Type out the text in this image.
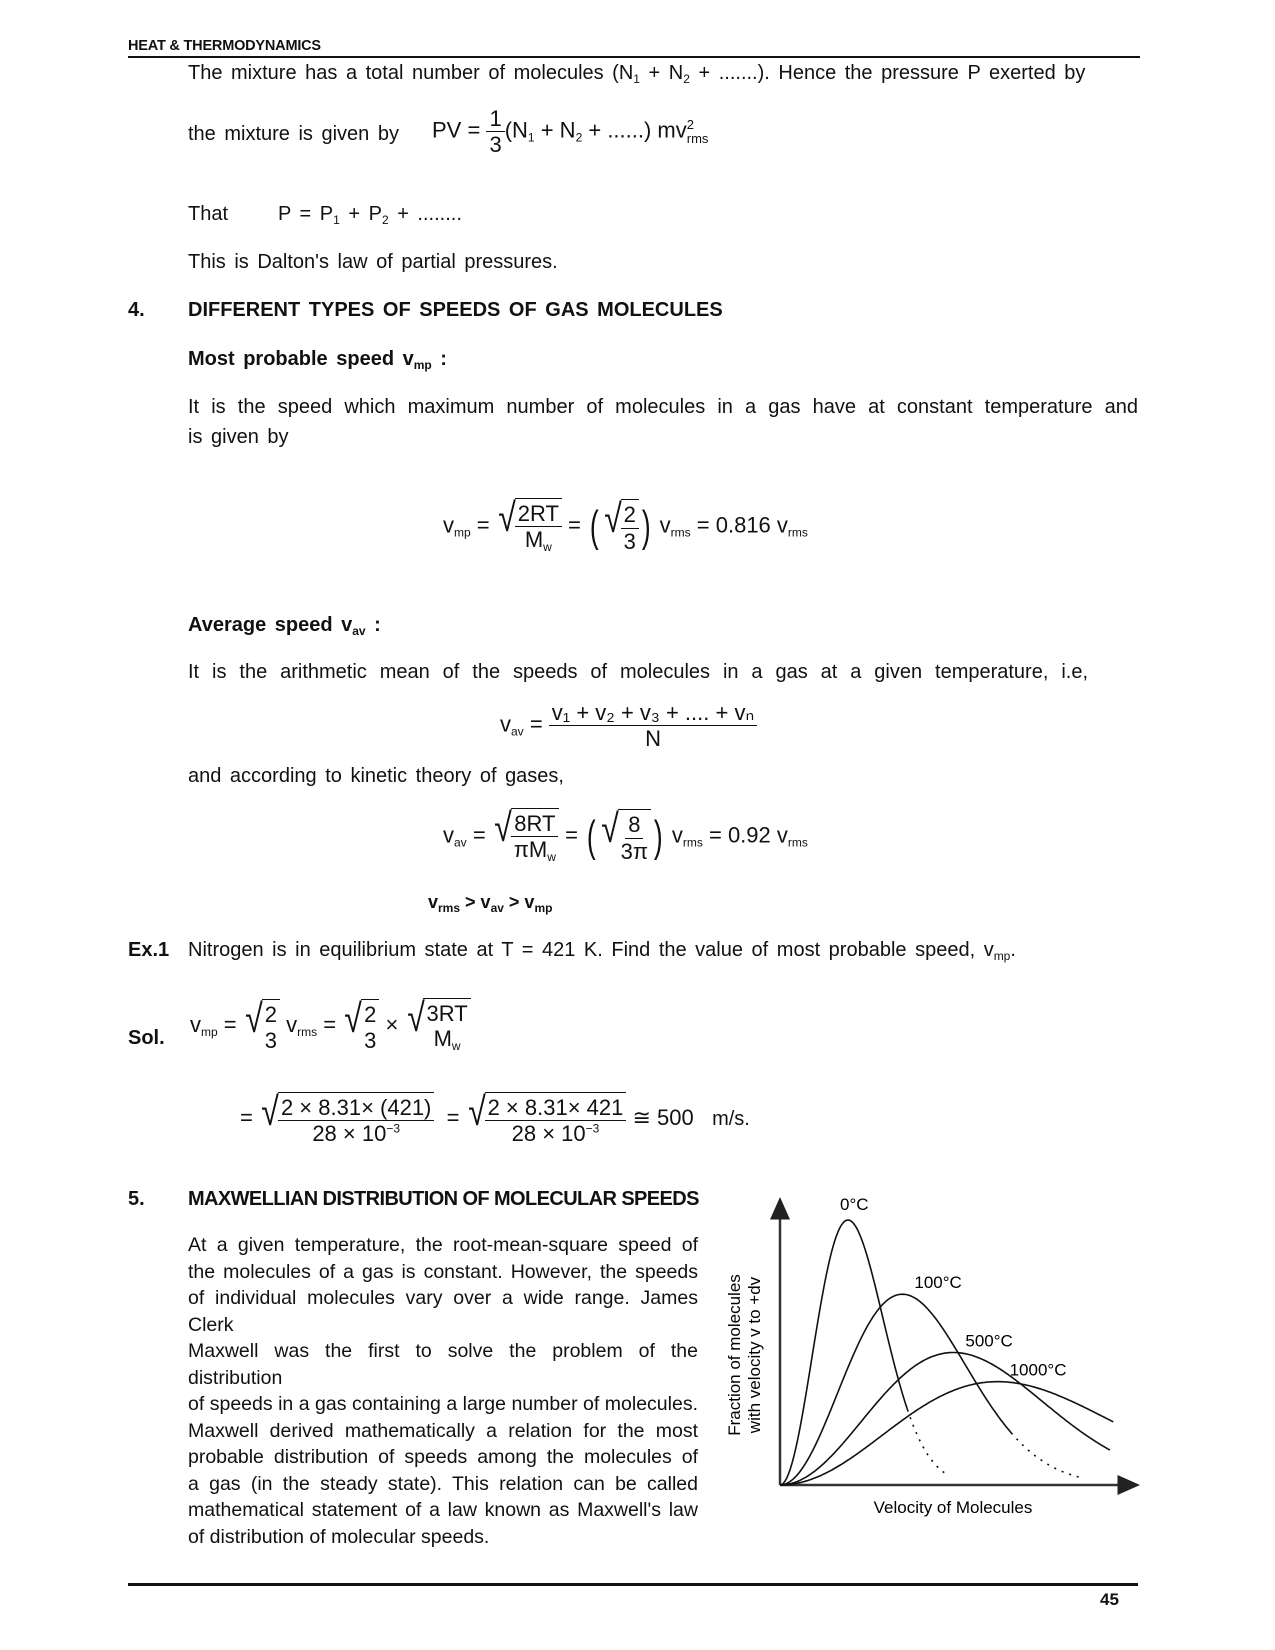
HEAT & THERMODYNAMICS
The mixture has a total number of molecules ($N_1 + N_2$ + .......). Hence the pressure P exerted by
the mixture is given by PV = $\frac{1}{3} (N_1 + N_2$ + ......) mv 2
rms
That $P = P_1 + P_2$ + ........
This is Dalton's law of partial pressures.
4. DIFFERENT TYPES OF SPEEDS OF GAS MOLECULES
Most probable speed $v_{mp}$ :
It is the speed which maximum number of molecules in a gas have at constant temperature and
is given by
$v_{mp}$ = √ $\frac{2RT}{M_w}$ = ( √ $\frac{2}{3}$ ) $v_{rms} = 0.816$ $v_{rms}$
Average speed $v_{av}$ :
It is the arithmetic mean of the speeds of molecules in a gas at a given temperature, i.e,
$v_{av} = \frac{\text{v₁ + v₂ + v₃ + .... + vₙ}}{N}$
and according to kinetic theory of gases,
$v_{av}$ = √ $\frac{8RT}{\pi M_w}$ = ( √ $\frac{8}{3\pi}$ ) $v_{rms} = 0.92$ $v_{rms}$
$v_{rms} > v_{av} > v_{mp}$
Ex.1 Nitrogen is in equilibrium state at T = 421 K. Find the value of most probable speed, $v_{mp}$.
Sol.
$v_{mp}$ = √ 2
3
$v_{rms}$ = √ 2
3
× √ 3RT
$M_w$
= √ $\frac{2 \times 8.31\times (421)}{28 \times 10^{-3}}$ = √ $\frac{2 \times 8.31\times 421}{28 \times 10^{-3}}$ ≅ 500 m/s.
5. MAXWELLIAN DISTRIBUTION OF MOLECULAR SPEEDS
At a given temperature, the root-mean-square speed of
the molecules of a gas is constant. However, the speeds
of individual molecules vary over a wide range. James Clerk
Maxwell was the first to solve the problem of the distribution
of speeds in a gas containing a large number of molecules.
Maxwell derived mathematically a relation for the most
probable distribution of speeds among the molecules of
a gas (in the steady state). This relation can be called
mathematical statement of a law known as Maxwell's law
of distribution of molecular speeds.
0°C
100°C
500°C
1000°C
Fraction of molecules with velocity v to +dv
Velocity of Molecules
45
